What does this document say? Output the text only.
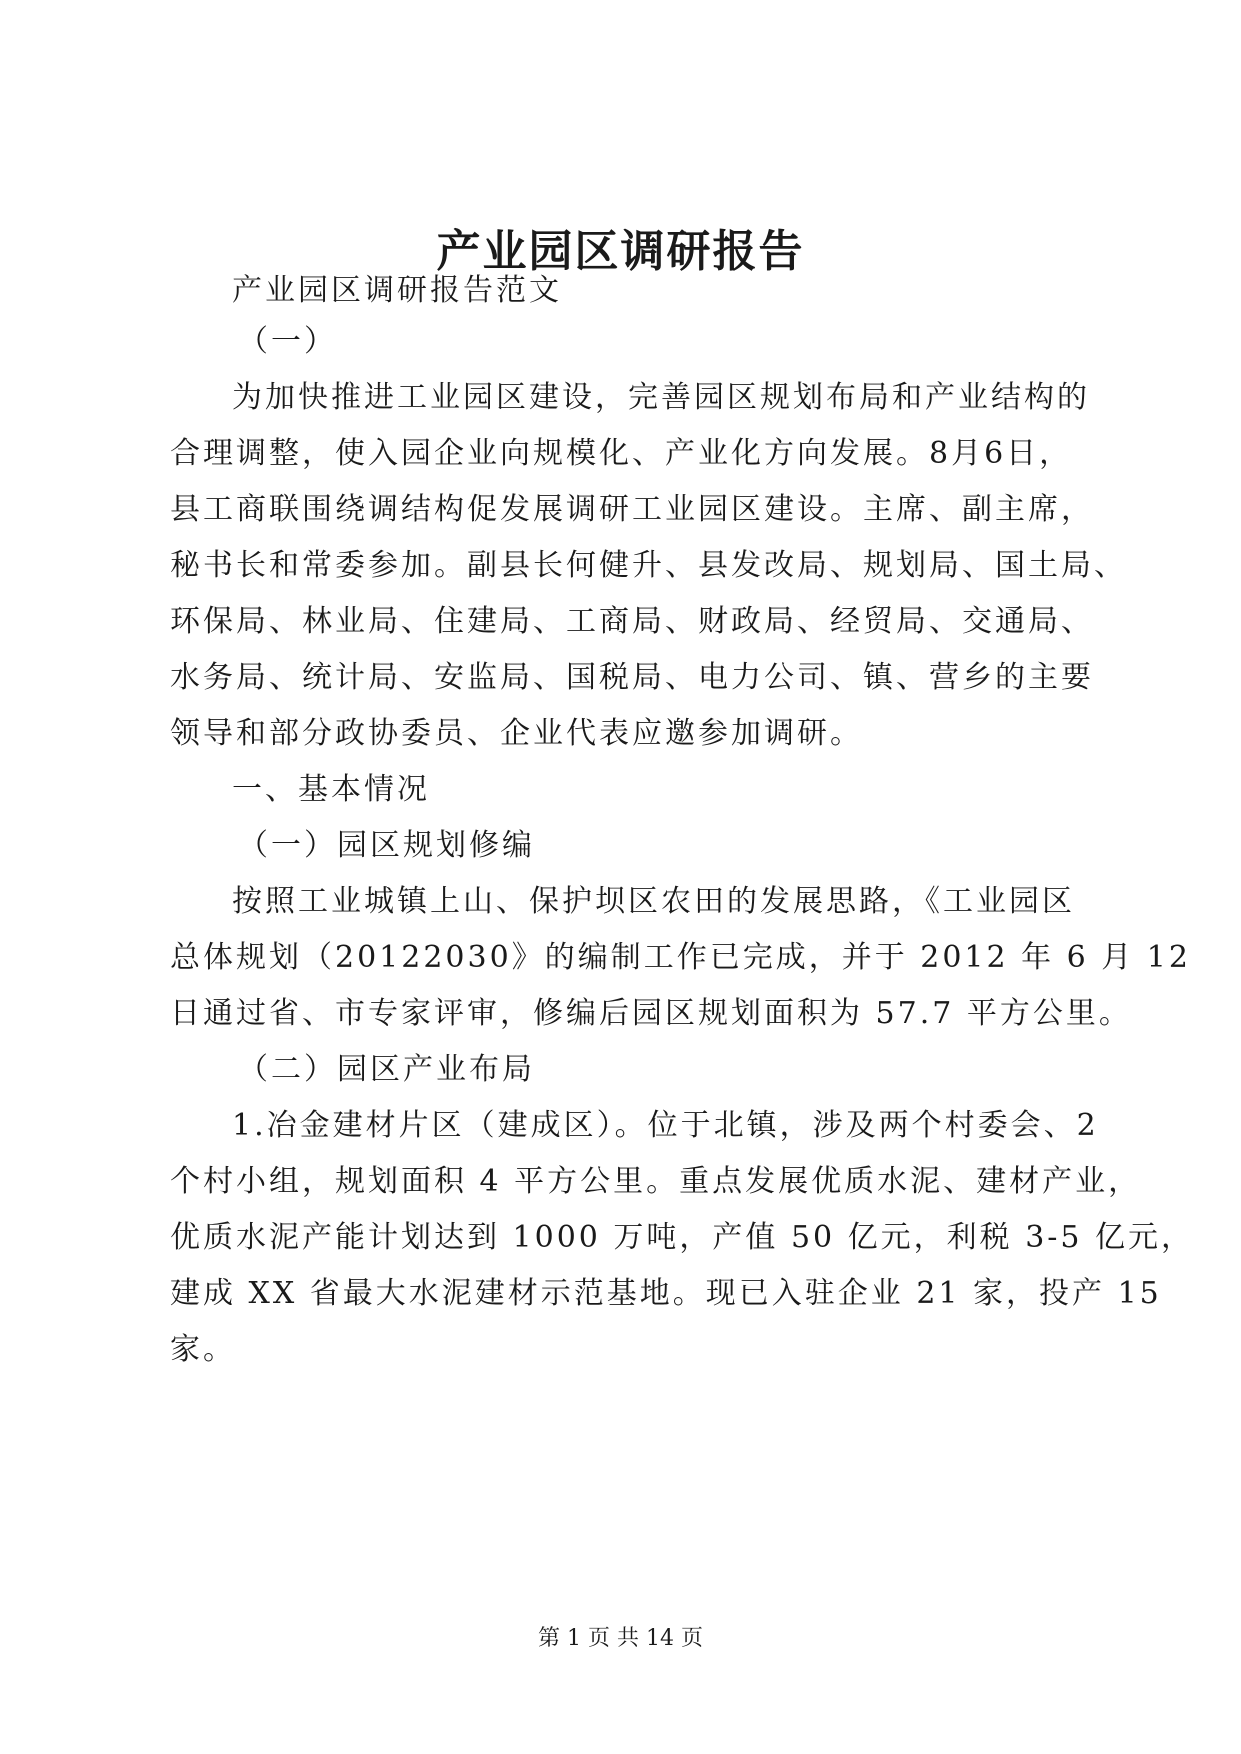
产业园区调研报告
产业园区调研报告范文
（一）
为加快推进工业园区建设，完善园区规划布局和产业结构的
合理调整，使入园企业向规模化、产业化方向发展。8月6日，
县工商联围绕调结构促发展调研工业园区建设。主席、副主席，
秘书长和常委参加。副县长何健升、县发改局、规划局、国土局、
环保局、林业局、住建局、工商局、财政局、经贸局、交通局、
水务局、统计局、安监局、国税局、电力公司、镇、营乡的主要
领导和部分政协委员、企业代表应邀参加调研。
一、基本情况
（一）园区规划修编
按照工业城镇上山、保护坝区农田的发展思路，《工业园区
总体规划（20122030》的编制工作已完成，并于 2012 年 6 月 12
日通过省、市专家评审，修编后园区规划面积为 57.7 平方公里。
（二）园区产业布局
1.冶金建材片区（建成区）。位于北镇，涉及两个村委会、2
个村小组，规划面积 4 平方公里。重点发展优质水泥、建材产业，
优质水泥产能计划达到 1000 万吨，产值 50 亿元，利税 3-5 亿元，
建成 XX 省最大水泥建材示范基地。现已入驻企业 21 家，投产 15
家。
第 1 页 共 14 页
